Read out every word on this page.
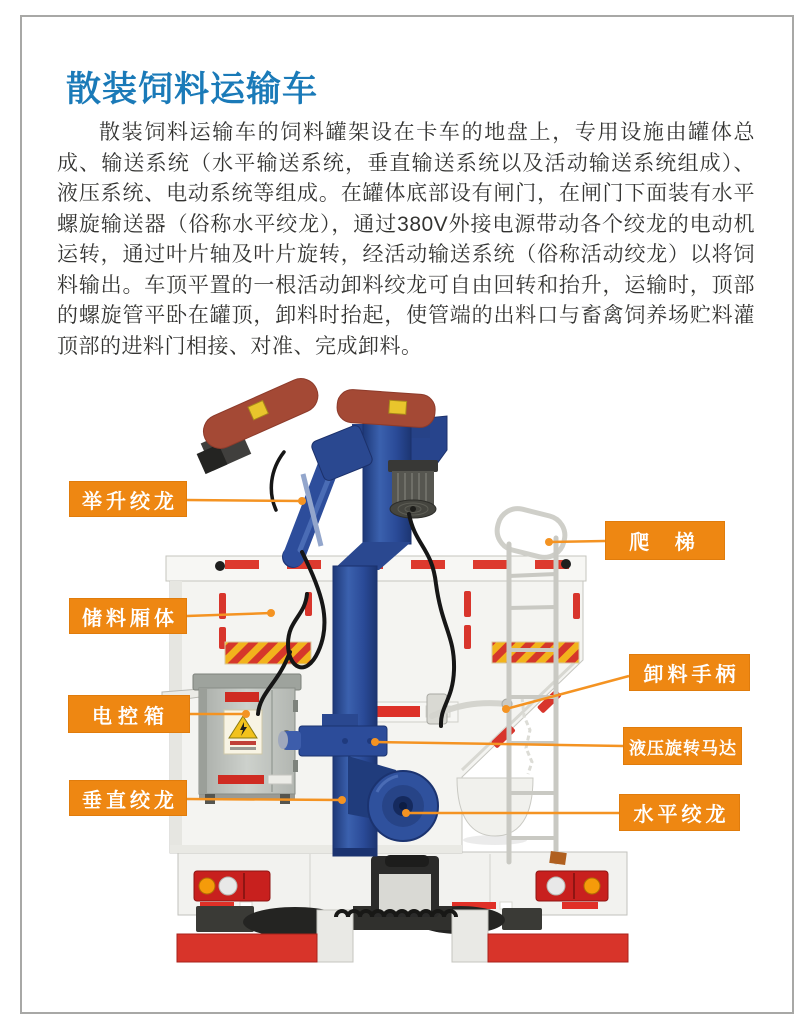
散装饲料运输车

散装饲料运输车的饲料罐架设在卡车的地盘上，专用设施由罐体总成、输送系统（水平输送系统，垂直输送系统以及活动输送系统组成）、液压系统、电动系统等组成。在罐体底部设有闸门，在闸门下面装有水平螺旋输送器（俗称水平绞龙），通过380V外接电源带动各个绞龙的电动机运转，通过叶片轴及叶片旋转，经活动输送系统（俗称活动绞龙）以将饲料输出。车顶平置的一根活动卸料绞龙可自由回转和抬升，运输时，顶部的螺旋管平卧在罐顶，卸料时抬起，使管端的出料口与畜禽饲养场贮料灌顶部的进料门相接、对准、完成卸料。

举升绞龙
爬 梯
储料厢体
卸料手柄
电控箱
液压旋转马达
垂直绞龙
水平绞龙
